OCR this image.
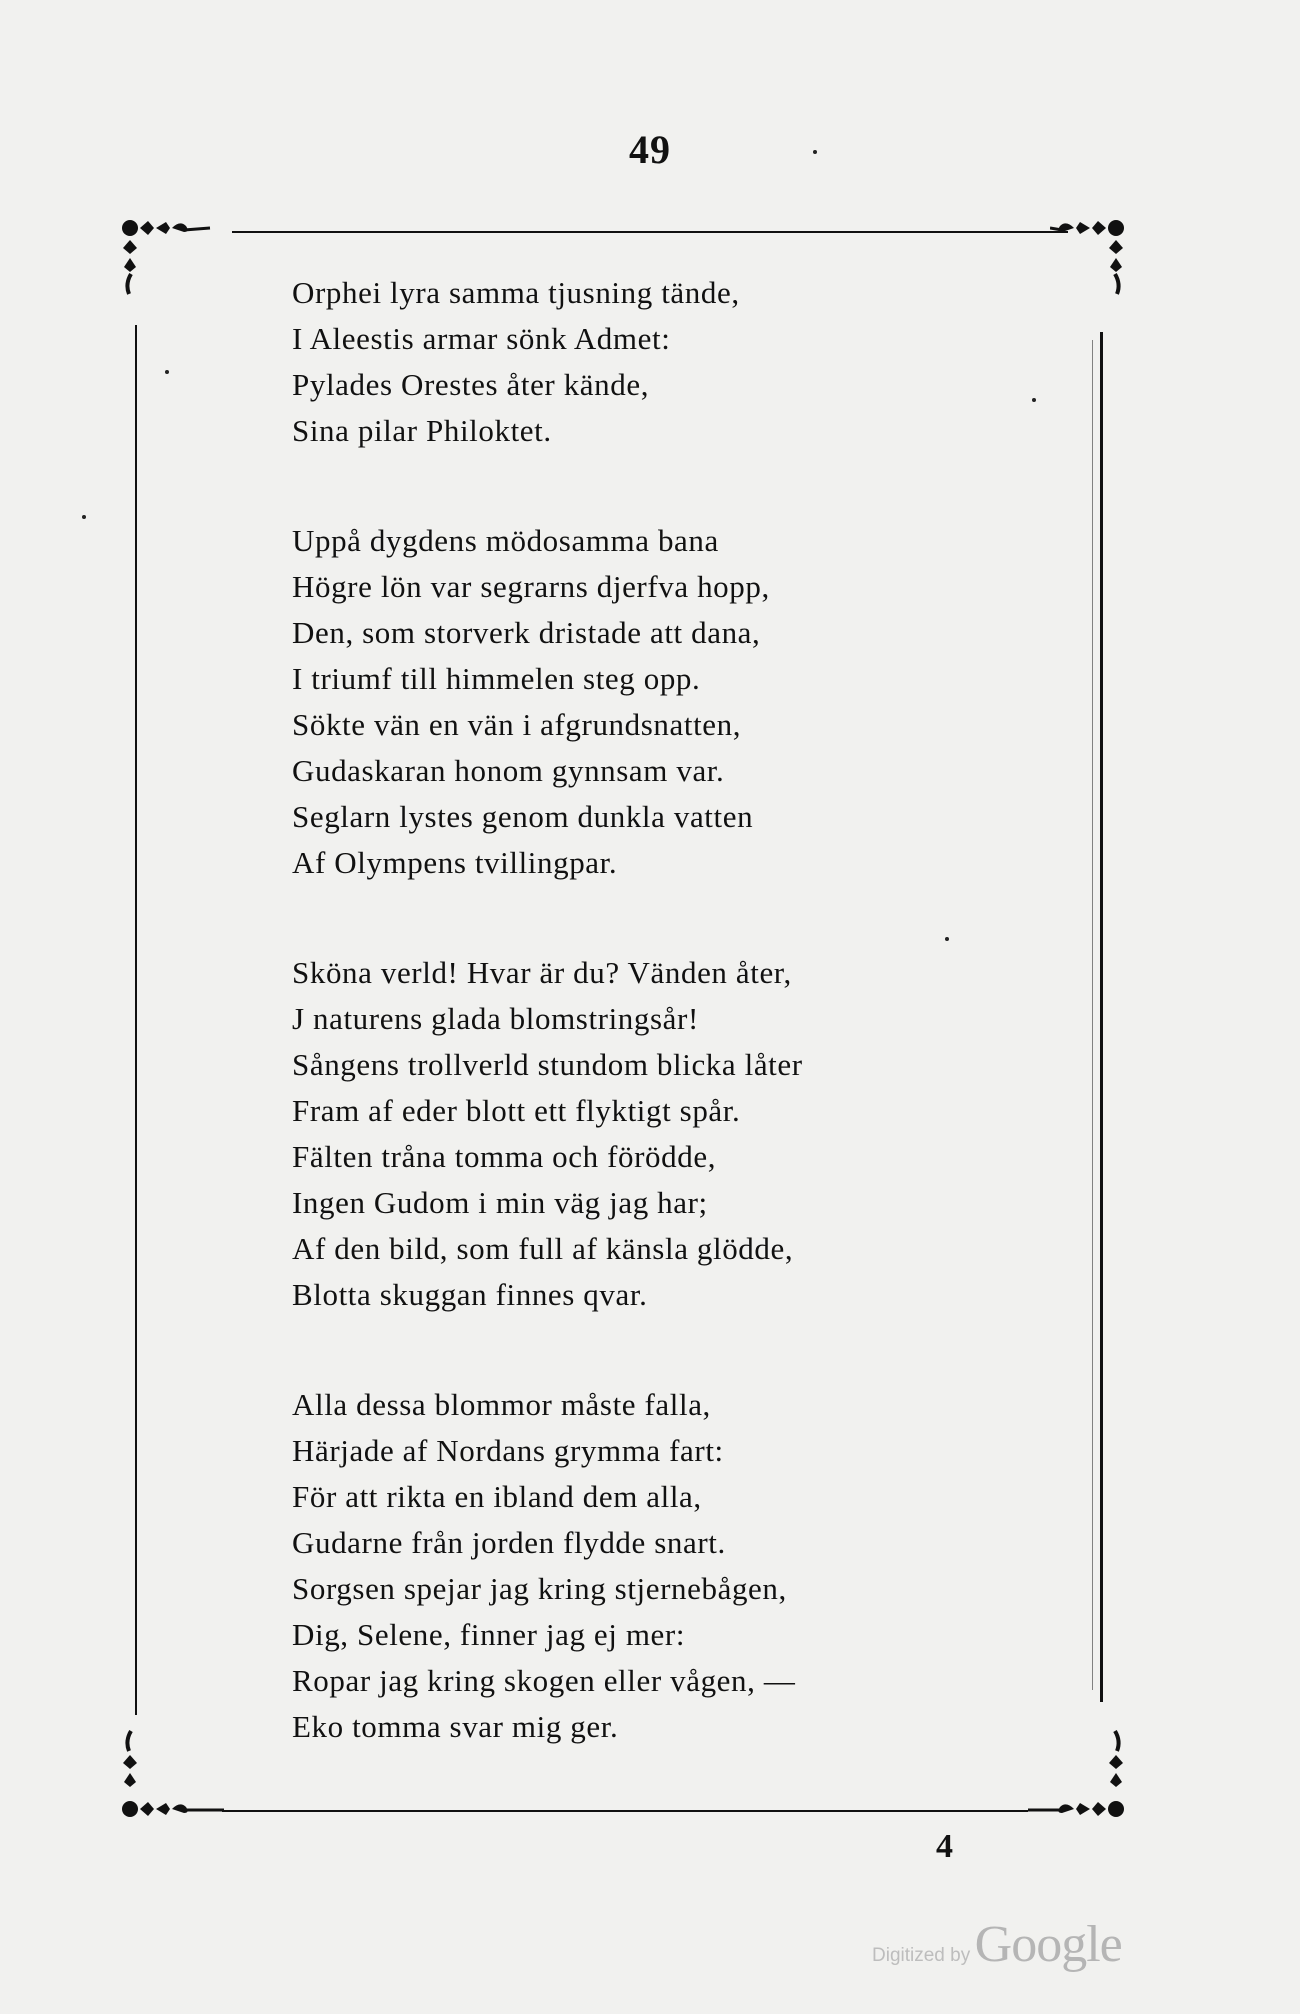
49
Orphei lyra samma tjusning tände,
I Aleestis armar sönk Admet:
Pylades Orestes åter kände,
Sina pilar Philoktet.
Uppå dygdens mödosamma bana
Högre lön var segrarns djerfva hopp,
Den, som storverk dristade att dana,
I triumf till himmelen steg opp.
Sökte vän en vän i afgrundsnatten,
Gudaskaran honom gynnsam var.
Seglarn lystes genom dunkla vatten
Af Olympens tvillingpar.
Sköna verld! Hvar är du? Vänden åter,
J naturens glada blomstringsår!
Sångens trollverld stundom blicka låter
Fram af eder blott ett flyktigt spår.
Fälten tråna tomma och förödde,
Ingen Gudom i min väg jag har;
Af den bild, som full af känsla glödde,
Blotta skuggan finnes qvar.
Alla dessa blommor måste falla,
Härjade af Nordans grymma fart:
För att rikta en ibland dem alla,
Gudarne från jorden flydde snart.
Sorgsen spejar jag kring stjernebågen,
Dig, Selene, finner jag ej mer:
Ropar jag kring skogen eller vågen, —
Eko tomma svar mig ger.
4
Digitized by Google
